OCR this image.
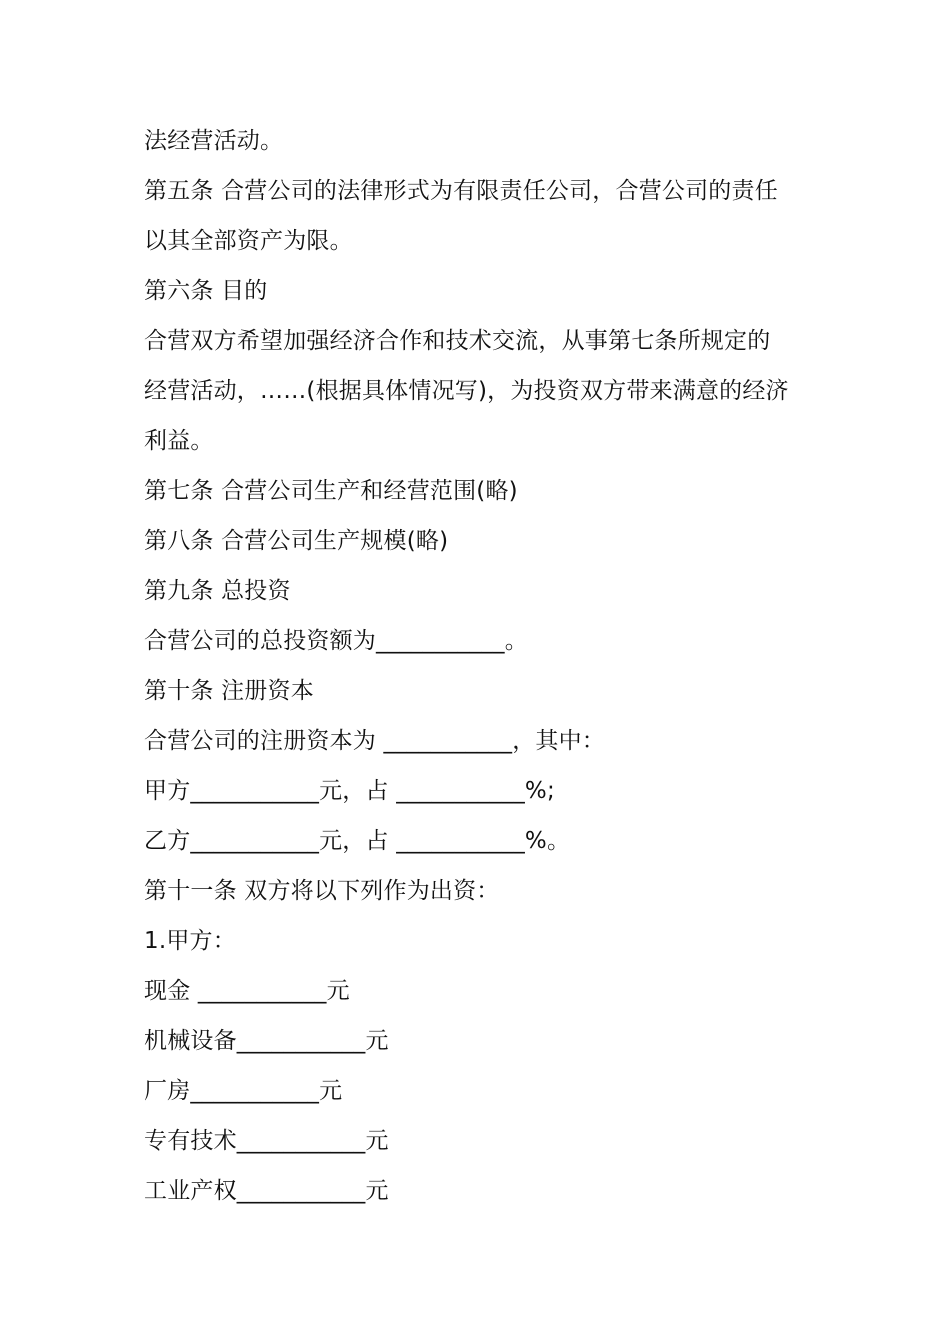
法经营活动。
第五条 合营公司的法律形式为有限责任公司，合营公司的责任
以其全部资产为限。
第六条 目的
合营双方希望加强经济合作和技术交流，从事第七条所规定的
经营活动，……(根据具体情况写)，为投资双方带来满意的经济
利益。
第七条 合营公司生产和经营范围(略)
第八条 合营公司生产规模(略)
第九条 总投资
合营公司的总投资额为___________。
第十条 注册资本
合营公司的注册资本为 ___________，其中：
甲方___________元，占 ___________%;
乙方___________元，占 ___________%。
第十一条 双方将以下列作为出资：
1.甲方：
现金 ___________元
机械设备___________元
厂房___________元
专有技术___________元
工业产权___________元
